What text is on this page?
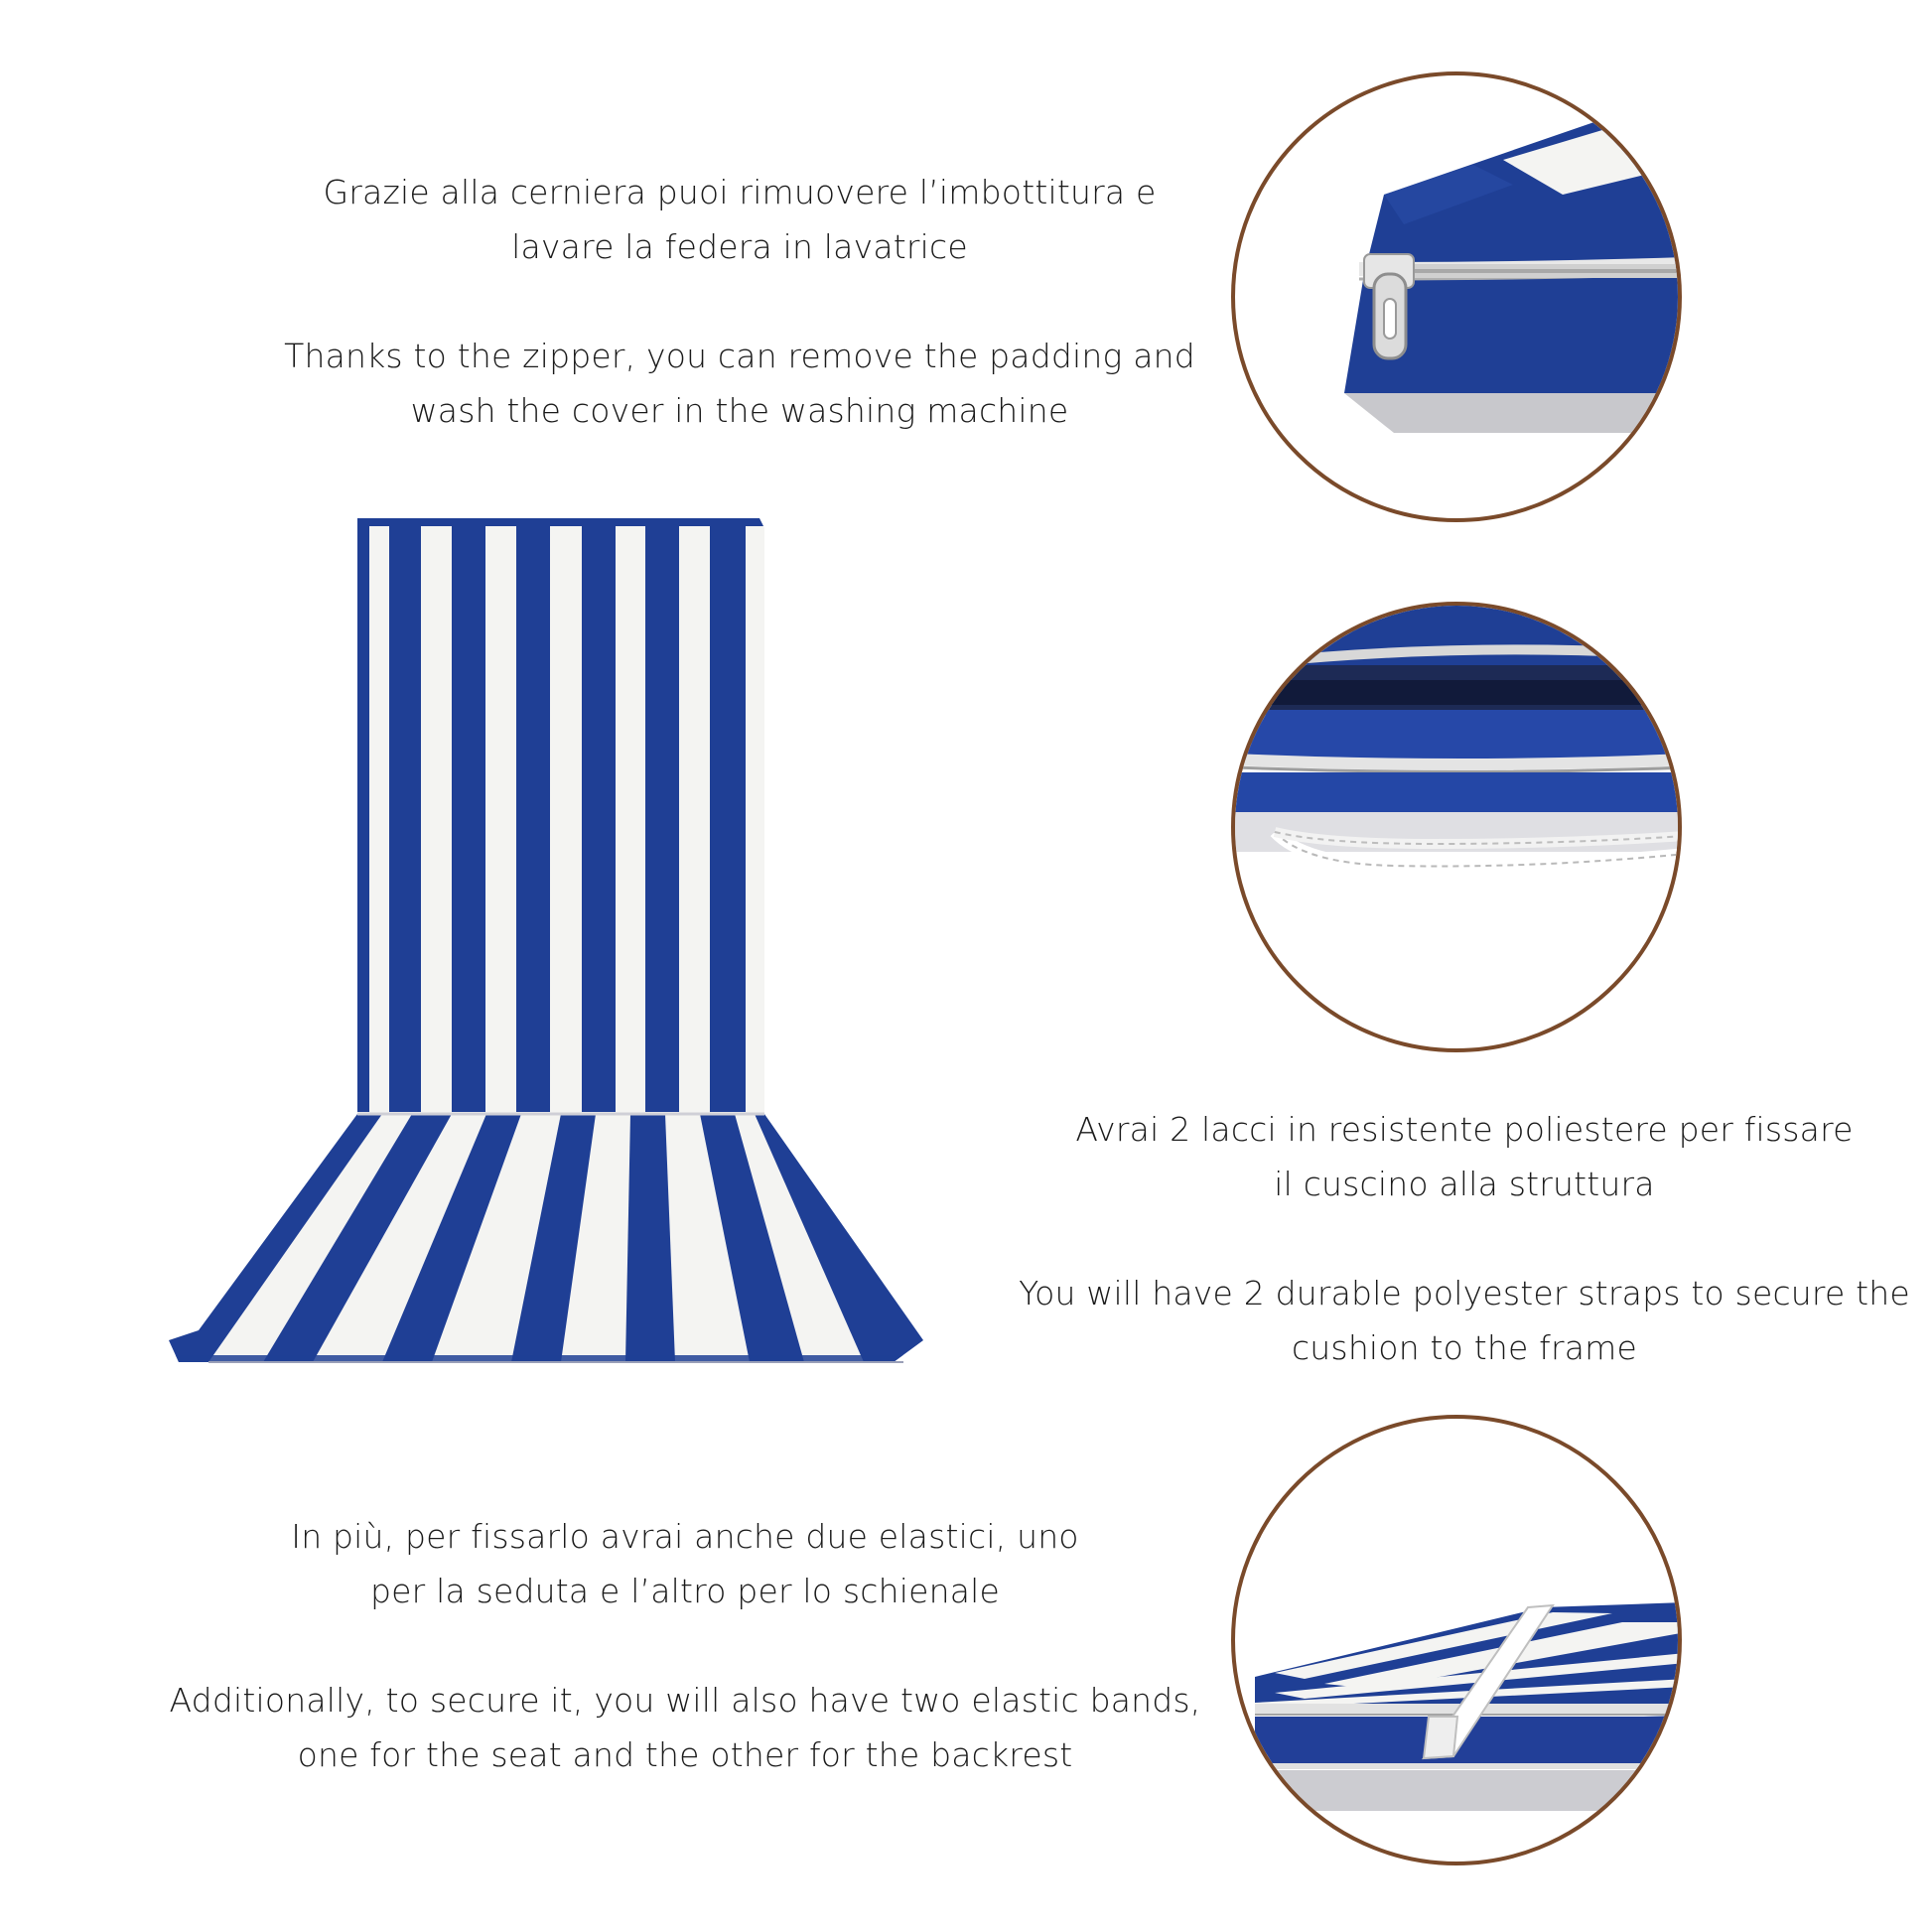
Grazie alla cerniera puoi rimuovere l’imbottitura e

lavare la federa in lavatrice

Thanks to the zipper, you can remove the padding and

wash the cover in the washing machine

Avrai 2 lacci in resistente poliestere per fissare

il cuscino alla struttura

You will have 2 durable polyester straps to secure the

cushion to the frame

In più, per fissarlo avrai anche due elastici, uno

per la seduta e l’altro per lo schienale

Additionally, to secure it, you will also have two elastic bands,

one for the seat and the other for the backrest
